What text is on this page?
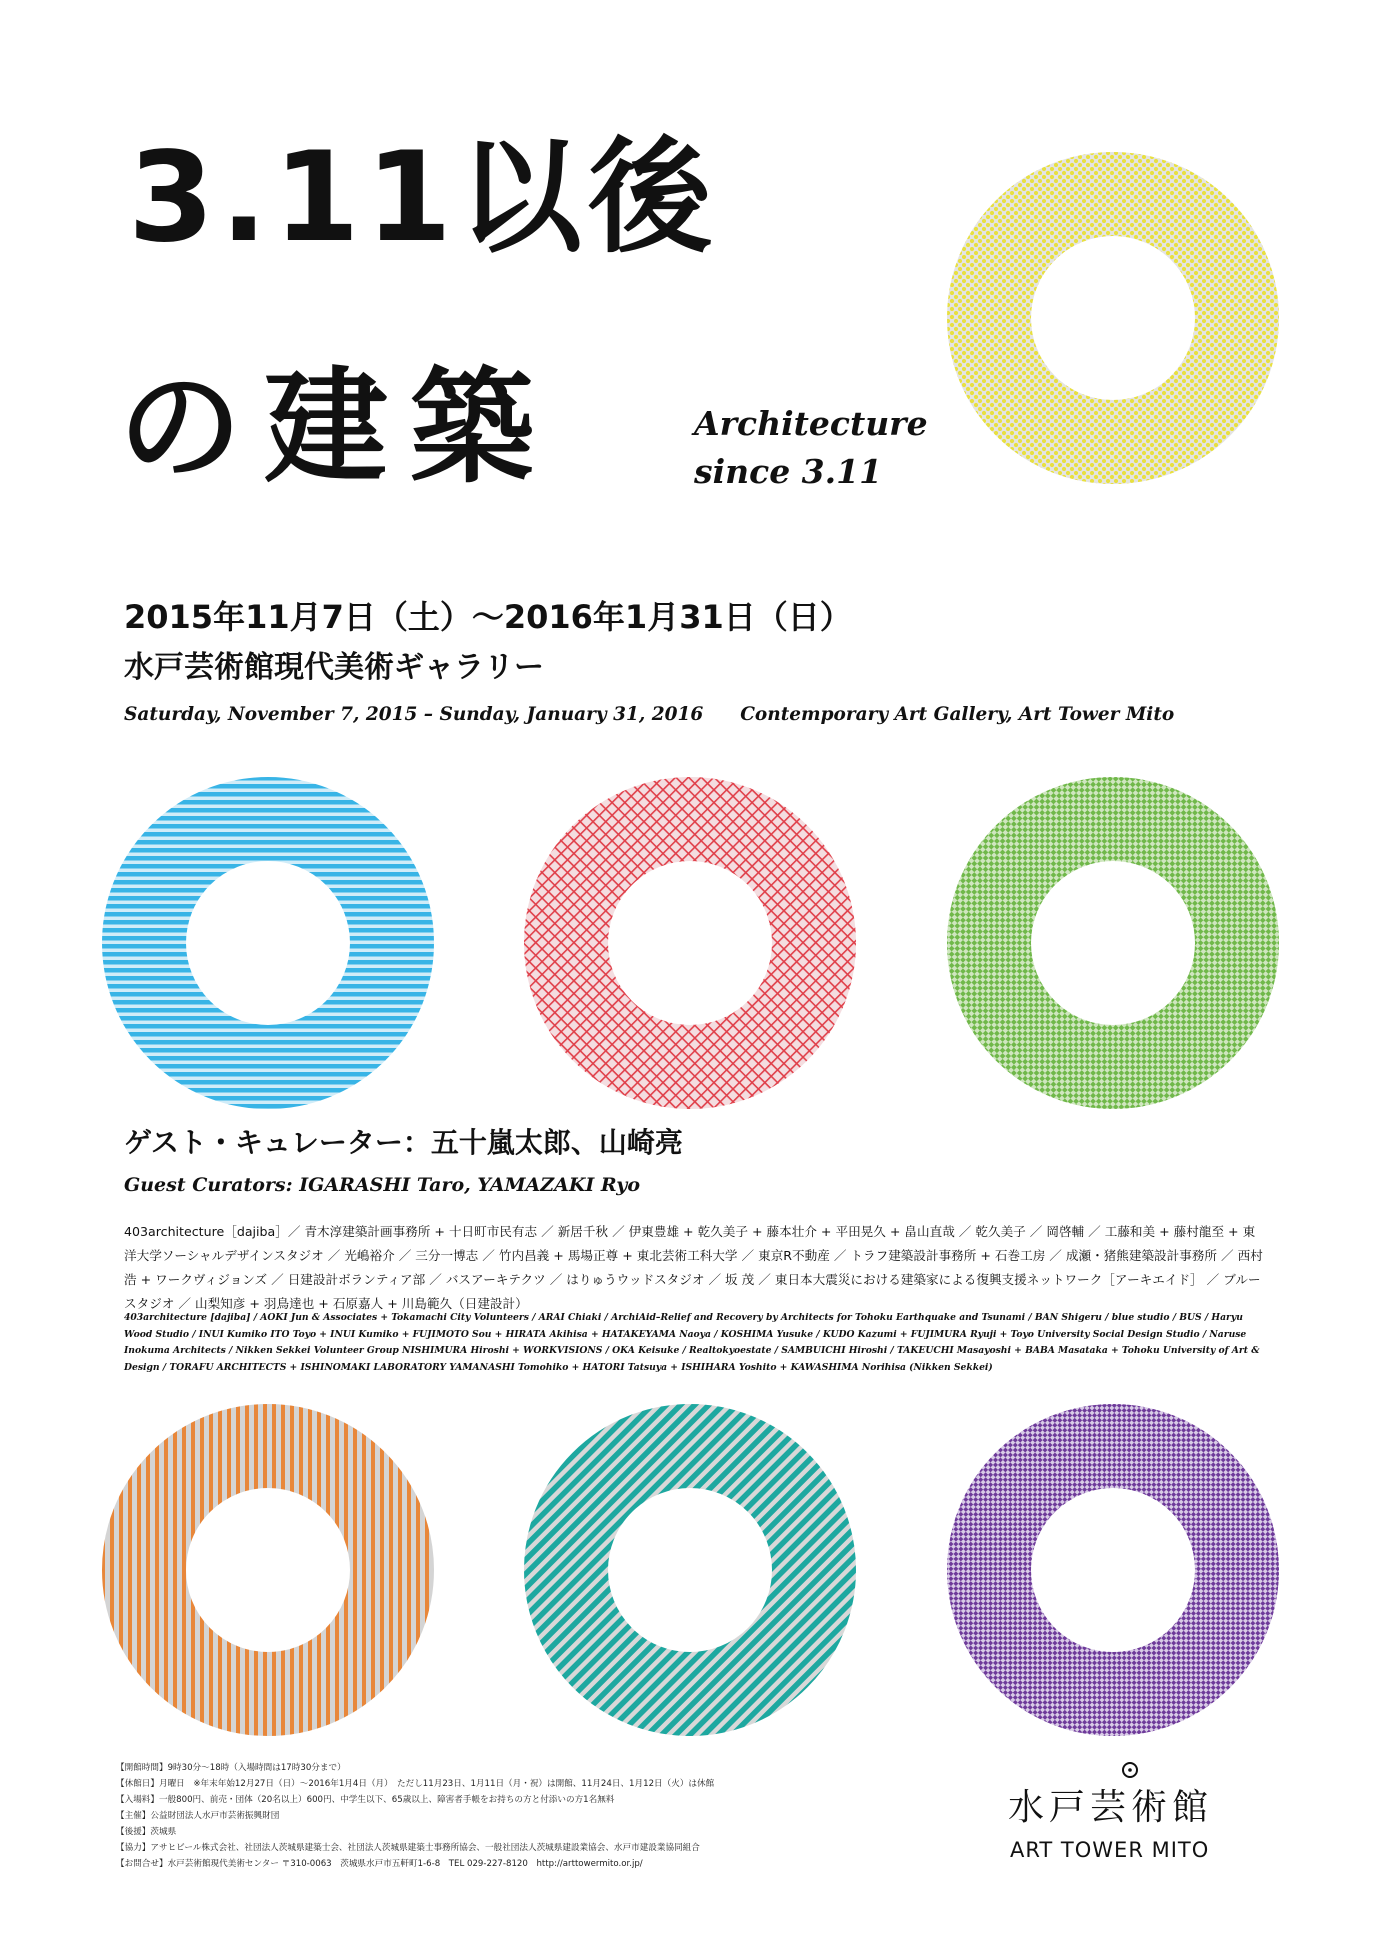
3.11以後
の建築	Architecture
since 3.11
2015年11月7日（土）〜2016年1月31日（日）
水戸芸術館現代美術ギャラリー
Saturday, November 7, 2015 – Sunday, January 31, 2016　　Contemporary Art Gallery, Art Tower Mito
ゲスト・キュレーター：五十嵐太郎、山崎亮
Guest Curators: IGARASHI Taro, YAMAZAKI Ryo
403architecture［dajiba］／ 青木淳建築計画事務所 + 十日町市民有志 ／ 新居千秋 ／ 伊東豊雄 + 乾久美子 + 藤本壮介 + 平田晃久 + 畠山直哉 ／ 乾久美子 ／ 岡啓輔 ／ 工藤和美 + 藤村龍至 + 東洋大学ソーシャルデザインスタジオ ／ 光嶋裕介 ／ 三分一博志 ／ 竹内昌義 + 馬場正尊 + 東北芸術工科大学 ／ 東京R不動産 ／ トラフ建築設計事務所 + 石巻工房 ／ 成瀬・猪熊建築設計事務所 ／ 西村浩 + ワークヴィジョンズ ／ 日建設計ボランティア部 ／ バスアーキテクツ ／ はりゅうウッドスタジオ ／ 坂 茂 ／ 東日本大震災における建築家による復興支援ネットワーク［アーキエイド］ ／ ブルースタジオ ／ 山梨知彦 + 羽鳥達也 + 石原嘉人 + 川島範久（日建設計）
403architecture [dajiba] / AOKI Jun & Associates + Tokamachi City Volunteers / ARAI Chiaki / ArchiAid–Relief and Recovery by Architects for Tohoku Earthquake and Tsunami / BAN Shigeru / blue studio / BUS / Haryu Wood Studio / INUI Kumiko ITO Toyo + INUI Kumiko + FUJIMOTO Sou + HIRATA Akihisa + HATAKEYAMA Naoya / KOSHIMA Yusuke / KUDO Kazumi + FUJIMURA Ryuji + Toyo University Social Design Studio / Naruse Inokuma Architects / Nikken Sekkei Volunteer Group NISHIMURA Hiroshi + WORKVISIONS / OKA Keisuke / Realtokyoestate / SAMBUICHI Hiroshi / TAKEUCHI Masayoshi + BABA Masataka + Tohoku University of Art & Design / TORAFU ARCHITECTS + ISHINOMAKI LABORATORY YAMANASHI Tomohiko + HATORI Tatsuya + ISHIHARA Yoshito + KAWASHIMA Norihisa (Nikken Sekkei)
【開館時間】9時30分〜18時（入場時間は17時30分まで）
【休館日】月曜日　※年末年始12月27日（日）〜2016年1月4日（月）　ただし11月23日、1月11日（月・祝）は開館、11月24日、1月12日（火）は休館
【入場料】一般800円、前売・団体（20名以上）600円、中学生以下、65歳以上、障害者手帳をお持ちの方と付添いの方1名無料
【主催】公益財団法人水戸市芸術振興財団
【後援】茨城県
【協力】アサヒビール株式会社、社団法人茨城県建築士会、社団法人茨城県建築士事務所協会、一般社団法人茨城県建設業協会、水戸市建設業協同組合
【お問合せ】水戸芸術館現代美術センター 〒310-0063　茨城県水戸市五軒町1-6-8　TEL 029-227-8120　http://arttowermito.or.jp/
水戸芸術館
ART TOWER MITO
